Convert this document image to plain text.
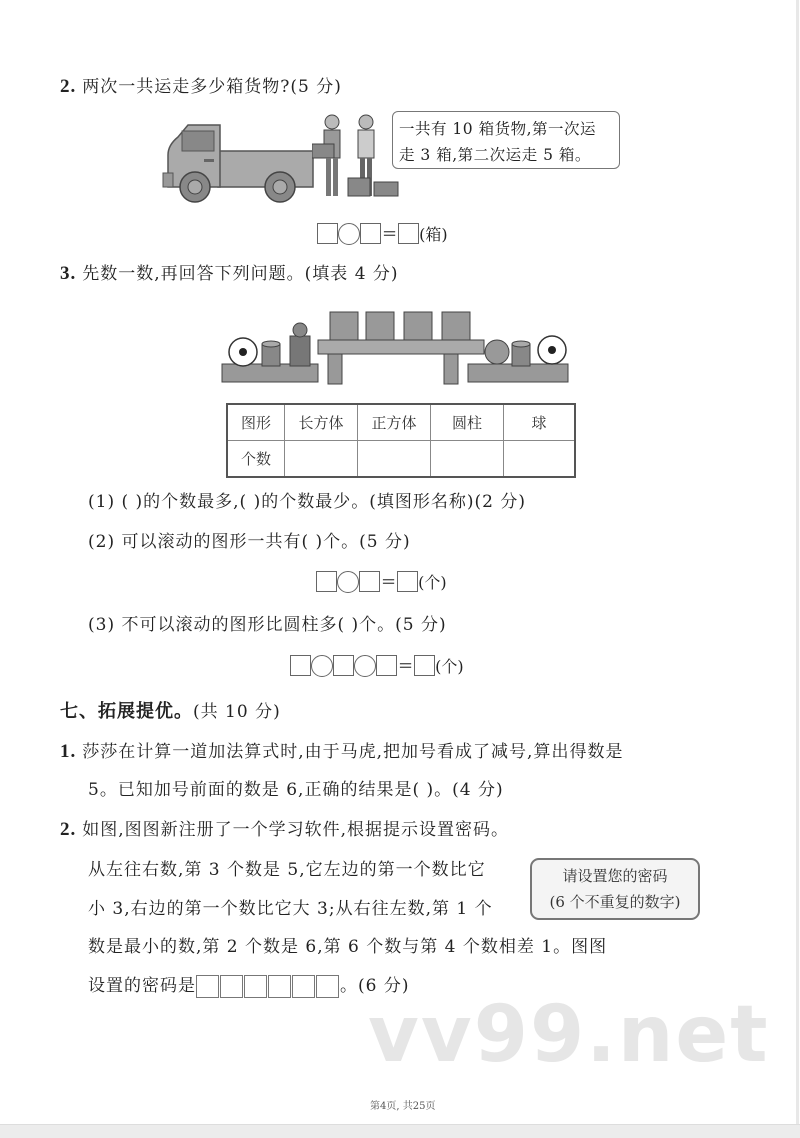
2. 两次一共运走多少箱货物?(5 分)
一共有 10 箱货物,第一次运
走 3 箱,第二次运走 5 箱。
= (箱)
3. 先数一数,再回答下列问题。(填表 4 分)
图形	长方体	正方体	圆柱	球
个数				
(1) ( )的个数最多,( )的个数最少。(填图形名称)(2 分)
(2) 可以滚动的图形一共有( )个。(5 分)
= (个)
(3) 不可以滚动的图形比圆柱多( )个。(5 分)
= (个)
七、拓展提优。(共 10 分)
1. 莎莎在计算一道加法算式时,由于马虎,把加号看成了减号,算出得数是
5。已知加号前面的数是 6,正确的结果是( )。(4 分)
2. 如图,图图新注册了一个学习软件,根据提示设置密码。
从左往右数,第 3 个数是 5,它左边的第一个数比它
小 3,右边的第一个数比它大 3;从右往左数,第 1 个
请设置您的密码
(6 个不重复的数字)
数是最小的数,第 2 个数是 6,第 6 个数与第 4 个数相差 1。图图
设置的密码是	。(6 分)
vv99.net
第4页, 共25页
